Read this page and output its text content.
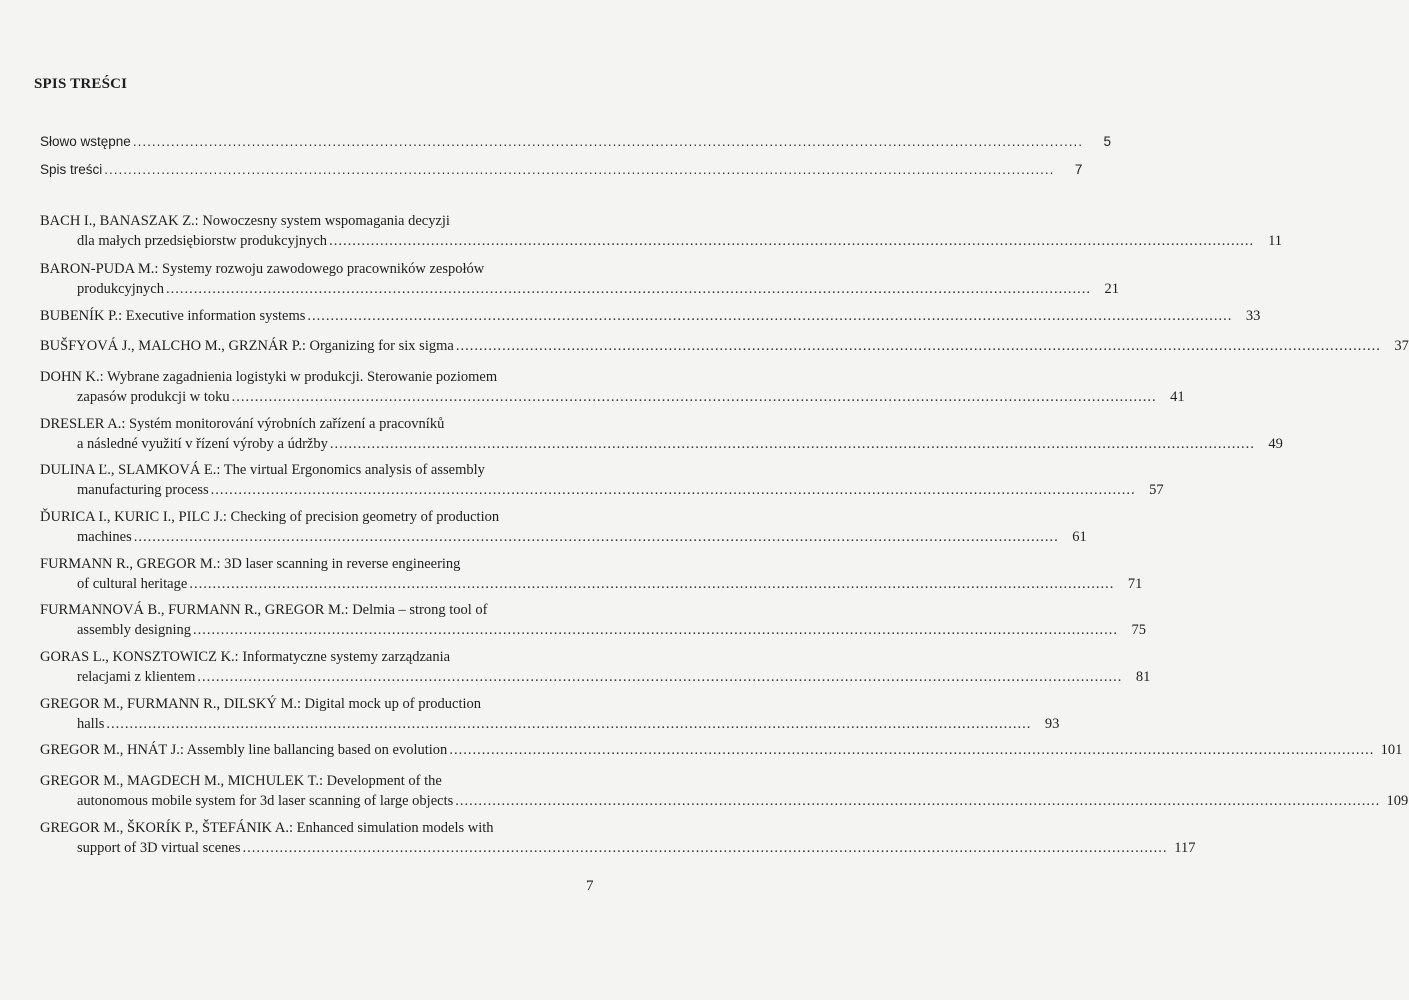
SPIS TREŚCI
Słowo wstępne ........................................................................................................................................................................................................	5
Spis treści ........................................................................................................................................................................................................	7
BACH I., BANASZAK Z.: Nowoczesny system wspomagania decyzji
dla małych przedsiębiorstw produkcyjnych ........................................................................................................................................................................................................ 11
BARON-PUDA M.: Systemy rozwoju zawodowego pracowników zespołów
produkcyjnych ........................................................................................................................................................................................................ 21
BUBENÍK P.: Executive information systems ........................................................................................................................................................................................................ 33
BUŠFYOVÁ J., MALCHO M., GRZNÁR P.: Organizing for six sigma ........................................................................................................................................................................................................ 37
DOHN K.: Wybrane zagadnienia logistyki w produkcji. Sterowanie poziomem
zapasów produkcji w toku ........................................................................................................................................................................................................ 41
DRESLER A.: Systém monitorování výrobních zařízení a pracovníků
a následné využití v řízení výroby a údržby ........................................................................................................................................................................................................ 49
DULINA Ľ., SLAMKOVÁ E.: The virtual Ergonomics analysis of assembly
manufacturing process ........................................................................................................................................................................................................ 57
ĎURICA I., KURIC I., PILC J.: Checking of precision geometry of production
machines ........................................................................................................................................................................................................ 61
FURMANN R., GREGOR M.: 3D laser scanning in reverse engineering
of cultural heritage ........................................................................................................................................................................................................ 71
FURMANNOVÁ B., FURMANN R., GREGOR M.: Delmia – strong tool of
assembly designing ........................................................................................................................................................................................................ 75
GORAS L., KONSZTOWICZ K.: Informatyczne systemy zarządzania
relacjami z klientem ........................................................................................................................................................................................................ 81
GREGOR M., FURMANN R., DILSKÝ M.: Digital mock up of production
halls ........................................................................................................................................................................................................ 93
GREGOR M., HNÁT J.: Assembly line ballancing based on evolution ........................................................................................................................................................................................................ 101
GREGOR M., MAGDECH M., MICHULEK T.: Development of the
autonomous mobile system for 3d laser scanning of large objects ........................................................................................................................................................................................................ 109
GREGOR M., ŠKORÍK P., ŠTEFÁNIK A.: Enhanced simulation models with
support of 3D virtual scenes ........................................................................................................................................................................................................ 117
7
